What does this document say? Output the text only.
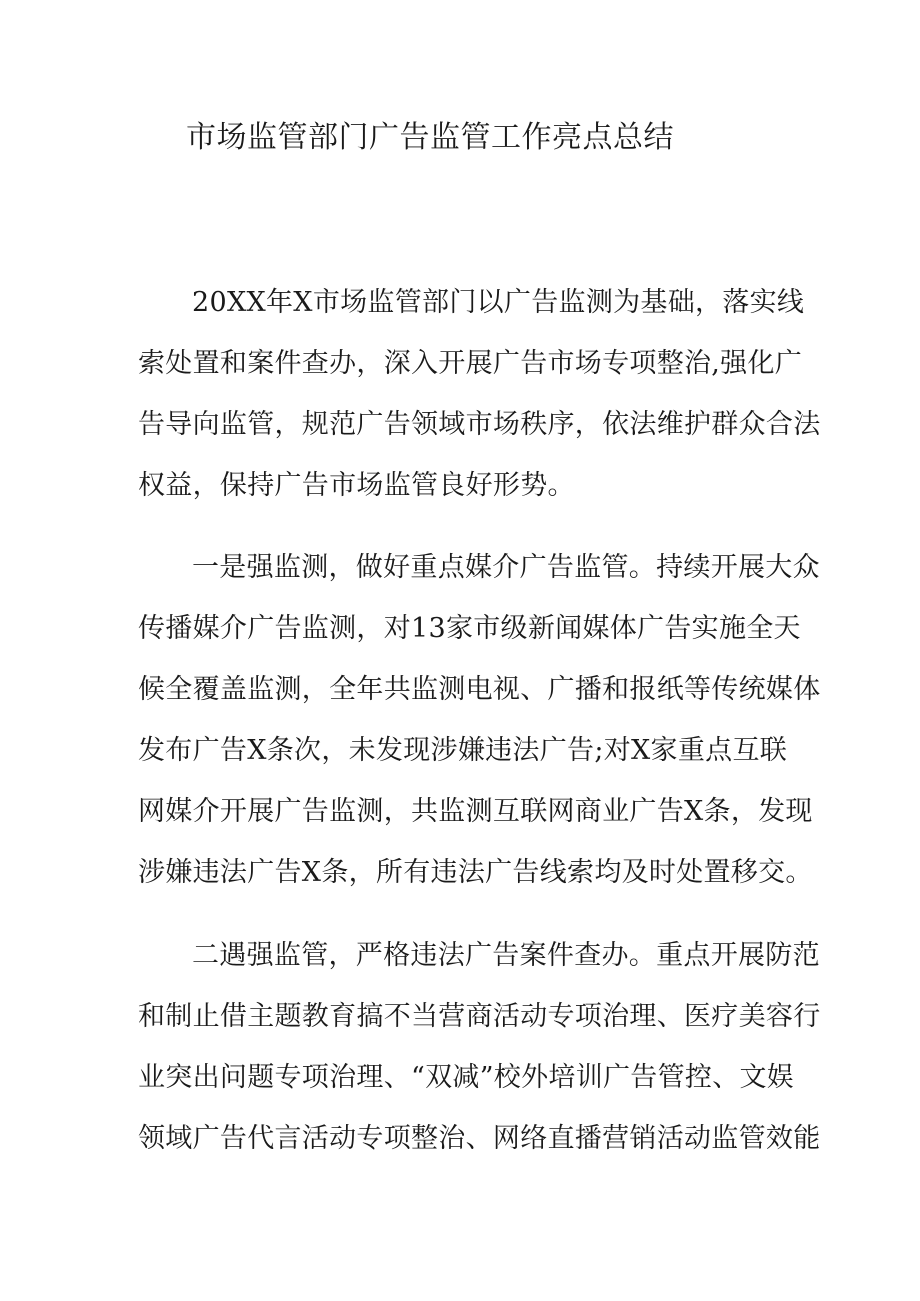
市场监管部门广告监管工作亮点总结

20XX年X市场监管部门以广告监测为基础，落实线
索处置和案件查办，深入开展广告市场专项整治,强化广
告导向监管，规范广告领域市场秩序，依法维护群众合法
权益，保持广告市场监管良好形势。

一是强监测，做好重点媒介广告监管。持续开展大众
传播媒介广告监测，对13家市级新闻媒体广告实施全天
候全覆盖监测，全年共监测电视、广播和报纸等传统媒体
发布广告X条次，未发现涉嫌违法广告;对X家重点互联
网媒介开展广告监测，共监测互联网商业广告X条，发现
涉嫌违法广告X条，所有违法广告线索均及时处置移交。

二遇强监管，严格违法广告案件查办。重点开展防范
和制止借主题教育搞不当营商活动专项治理、医疗美容行
业突出问题专项治理、“双减”校外培训广告管控、文娱
领域广告代言活动专项整治、网络直播营销活动监管效能
